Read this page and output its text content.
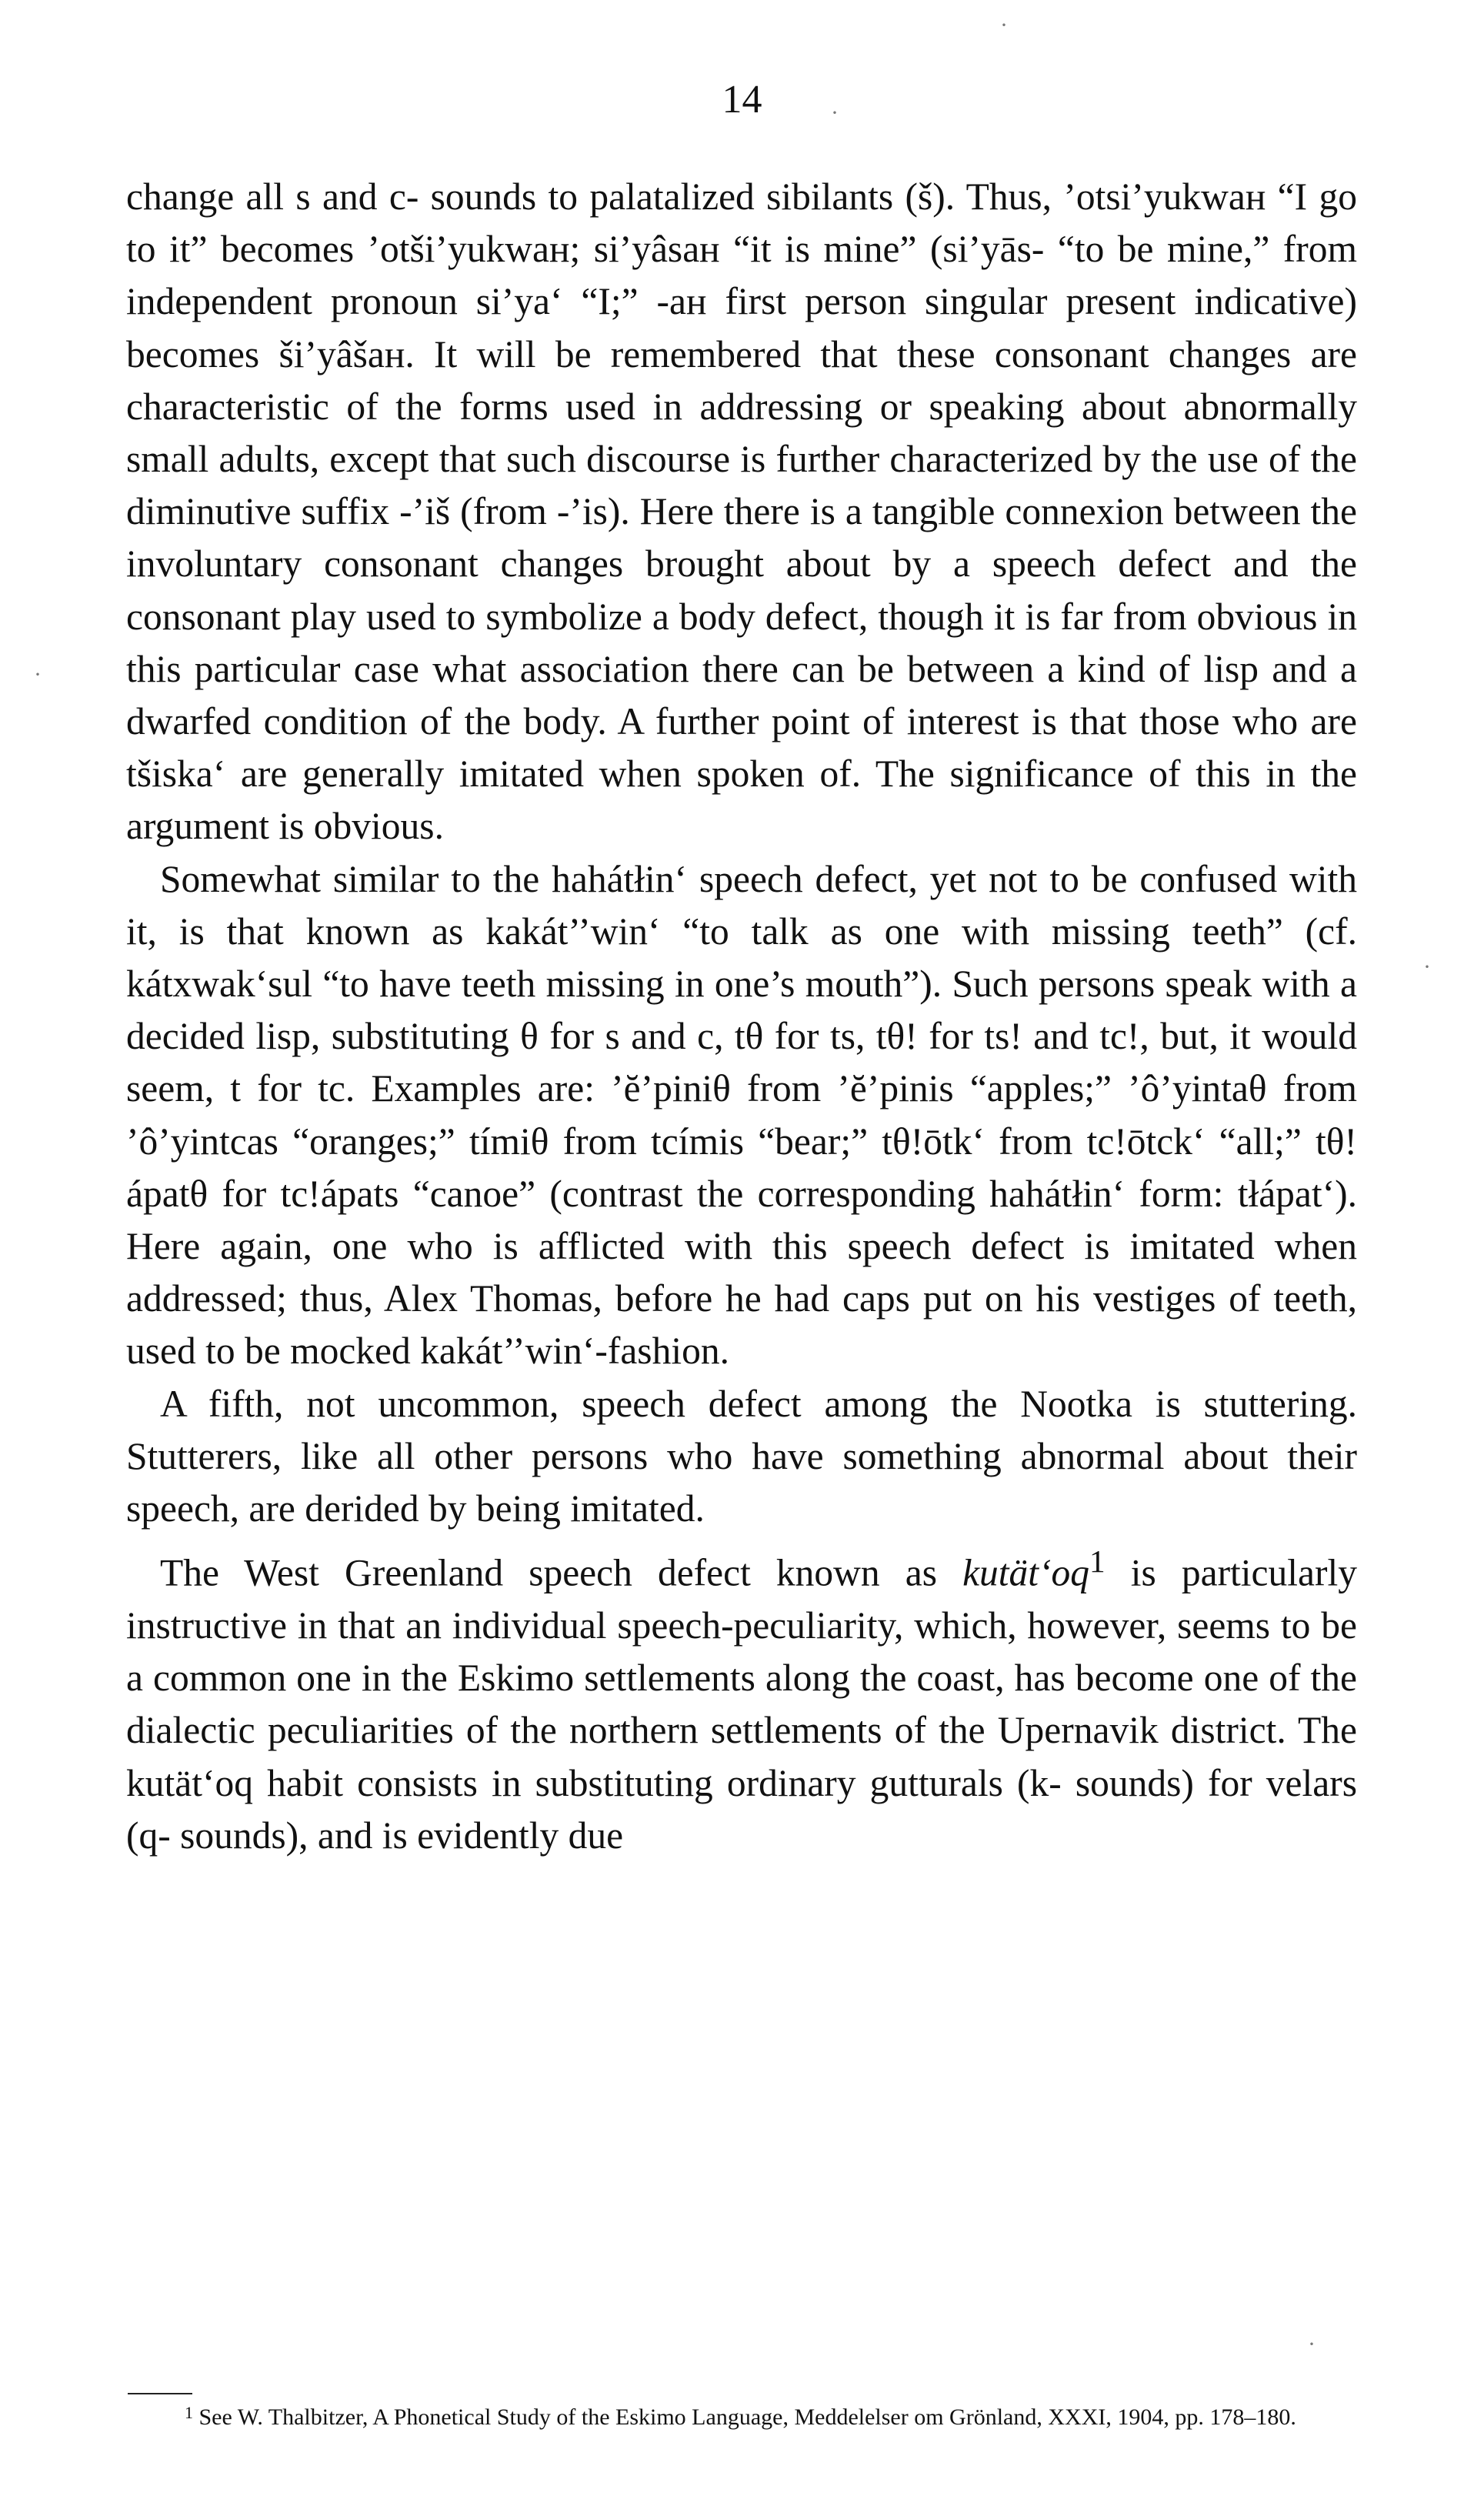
14

change all s and c- sounds to palatalized sibilants (š). Thus, ’otsi’yukwaн “I go to it” becomes ’otši’yukwaн; si’yâsaн “it is mine” (si’yās- “to be mine,” from independent pronoun si’ya‘ “I;” -aн first person singular present indicative) becomes ši’yâšaн. It will be remembered that these consonant changes are characteristic of the forms used in addressing or speaking about abnormally small adults, except that such discourse is further characterized by the use of the diminutive suffix -’iš (from -’is). Here there is a tangible connexion between the involuntary consonant changes brought about by a speech defect and the consonant play used to symbolize a body defect, though it is far from obvious in this particular case what association there can be between a kind of lisp and a dwarfed condition of the body. A further point of interest is that those who are tšiska‘ are generally imitated when spoken of. The significance of this in the argument is obvious.

Somewhat similar to the hahátłin‘ speech defect, yet not to be confused with it, is that known as kakát’’win‘ “to talk as one with missing teeth” (cf. kátxwak‘sul “to have teeth missing in one’s mouth”). Such persons speak with a decided lisp, substituting θ for s and c, tθ for ts, tθ! for ts! and tc!, but, it would seem, t for tc. Examples are: ’ĕ’piniθ from ’ĕ’pinis “apples;” ’ô’yintaθ from ’ô’yintcas “oranges;” tímiθ from tcímis “bear;” tθ!ōtk‘ from tc!ōtck‘ “all;” tθ!ápatθ for tc!ápats “canoe” (contrast the corresponding hahátłin‘ form: tłápat‘). Here again, one who is afflicted with this speech defect is imitated when addressed; thus, Alex Thomas, before he had caps put on his vestiges of teeth, used to be mocked kakát’’win‘-fashion.

A fifth, not uncommon, speech defect among the Nootka is stuttering. Stutterers, like all other persons who have something abnormal about their speech, are derided by being imitated.

The West Greenland speech defect known as $kutät‘oq^1$ is particularly instructive in that an individual speech-peculiarity, which, however, seems to be a common one in the Eskimo settlements along the coast, has become one of the dialectic peculiarities of the northern settlements of the Upernavik district. The kutät‘oq habit consists in substituting ordinary gutturals (k- sounds) for velars (q- sounds), and is evidently due

$^1$ See W. Thalbitzer, A Phonetical Study of the Eskimo Language, Meddelelser om Grönland, XXXI, 1904, pp. 178–180.
·
·
·
·
·
